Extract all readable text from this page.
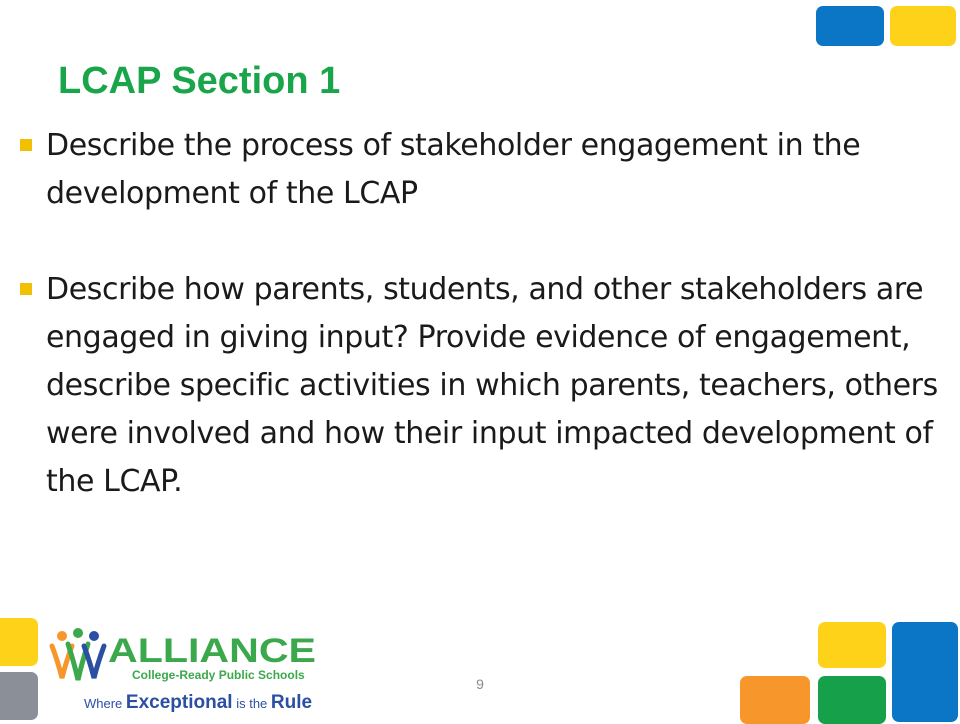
LCAP Section 1
Describe the process of stakeholder engagement in the development of the LCAP
Describe how parents, students, and other stakeholders are engaged in giving input? Provide evidence of engagement, describe specific activities in which parents, teachers, others were involved and how their input impacted development of the LCAP.
ALLIANCE
College-Ready Public Schools
Where Exceptional is the Rule
9
